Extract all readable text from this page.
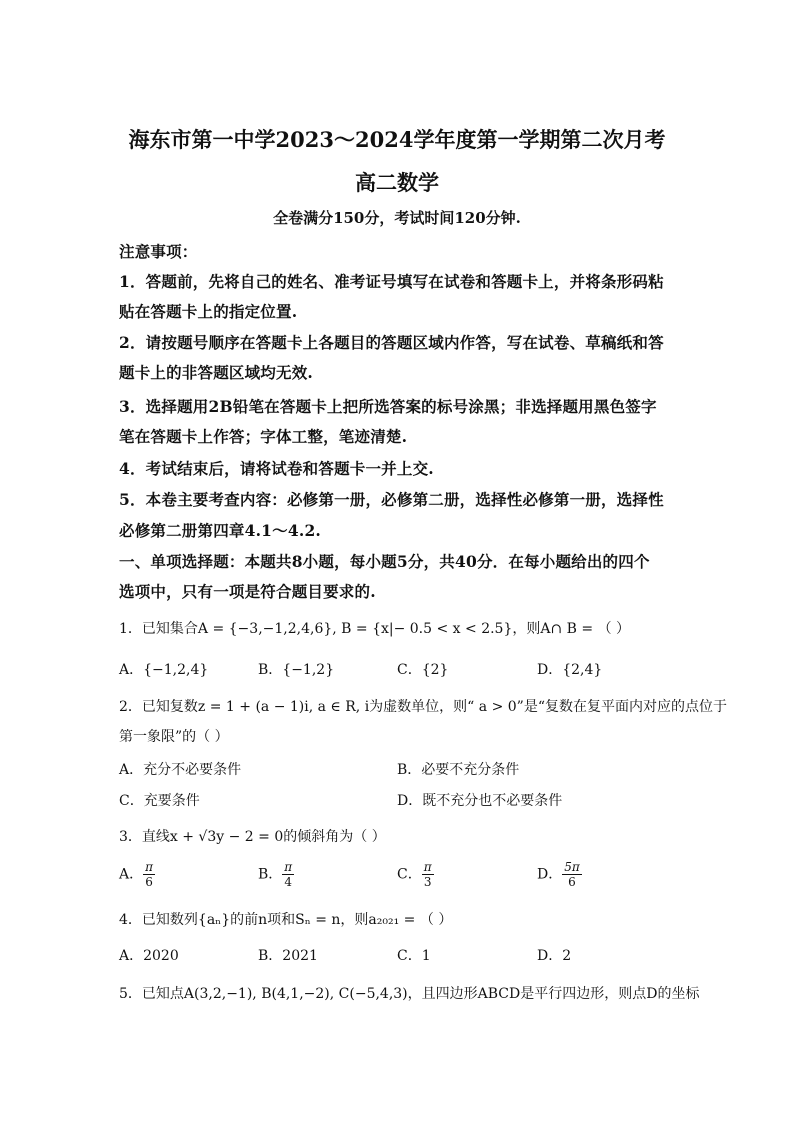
海东市第一中学2023～2024学年度第一学期第二次月考
高二数学
全卷满分150分，考试时间120分钟.
注意事项：
1．答题前，先将自己的姓名、准考证号填写在试卷和答题卡上，并将条形码粘
贴在答题卡上的指定位置.
2．请按题号顺序在答题卡上各题目的答题区域内作答，写在试卷、草稿纸和答
题卡上的非答题区域均无效.
3．选择题用2B铅笔在答题卡上把所选答案的标号涂黑；非选择题用黑色签字
笔在答题卡上作答；字体工整，笔迹清楚.
4．考试结束后，请将试卷和答题卡一并上交.
5．本卷主要考查内容：必修第一册，必修第二册，选择性必修第一册，选择性
必修第二册第四章4.1～4.2.
一、单项选择题：本题共8小题，每小题5分，共40分．在每小题给出的四个
选项中，只有一项是符合题目要求的.
1．已知集合A = {−3,−1,2,4,6}, B = {x|− 0.5 < x < 2.5}，则A∩ B = （ ）
A．{−1,2,4}	B．{−1,2}	C．{2}	D．{2,4}
2．已知复数z = 1 + (a − 1)i, a ∈ R, i为虚数单位，则“ a > 0”是“复数在复平面内对应的点位于
第一象限”的（ ）
A．充分不必要条件	B．必要不充分条件
C．充要条件	D．既不充分也不必要条件
3．直线x + √3y − 2 = 0的倾斜角为（ ）
A． $\frac{\pi}{6}$	B． $\frac{\pi}{4}$	C． $\frac{\pi}{3}$	D． $\frac{5\pi}{6}$
4．已知数列{aₙ}的前n项和Sₙ = n，则a₂₀₂₁ = （ ）
A．2020	B．2021	C．1	D．2
5．已知点A(3,2,−1), B(4,1,−2), C(−5,4,3)，且四边形ABCD是平行四边形，则点D的坐标
